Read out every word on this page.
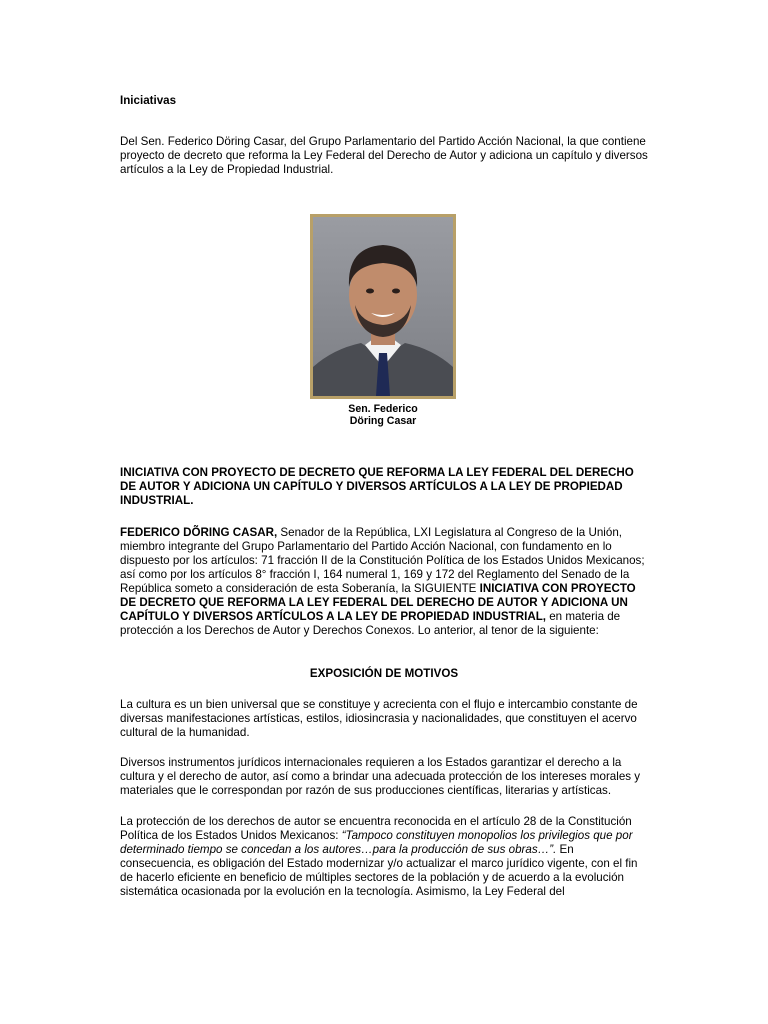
Iniciativas

Del Sen. Federico Döring Casar, del Grupo Parlamentario del Partido Acción Nacional, la que contiene proyecto de decreto que reforma la Ley Federal del Derecho de Autor y adiciona un capítulo y diversos artículos a la Ley de Propiedad Industrial.

Sen. Federico
Döring Casar

INICIATIVA CON PROYECTO DE DECRETO QUE REFORMA LA LEY FEDERAL DEL DERECHO DE AUTOR Y ADICIONA UN CAPÍTULO Y DIVERSOS ARTÍCULOS A LA LEY DE PROPIEDAD INDUSTRIAL.

FEDERICO DÕRING CASAR, Senador de la República, LXI Legislatura al Congreso de la Unión, miembro integrante del Grupo Parlamentario del Partido Acción Nacional, con fundamento en lo dispuesto por los artículos: 71 fracción II de la Constitución Política de los Estados Unidos Mexicanos; así como por los artículos 8° fracción I, 164 numeral 1, 169 y 172 del Reglamento del Senado de la República someto a consideración de esta Soberanía, la SIGUIENTE INICIATIVA CON PROYECTO DE DECRETO QUE REFORMA LA LEY FEDERAL DEL DERECHO DE AUTOR Y ADICIONA UN CAPÍTULO Y DIVERSOS ARTÍCULOS A LA LEY DE PROPIEDAD INDUSTRIAL, en materia de protección a los Derechos de Autor y Derechos Conexos. Lo anterior, al tenor de la siguiente:

EXPOSICIÓN DE MOTIVOS

La cultura es un bien universal que se constituye y acrecienta con el flujo e intercambio constante de diversas manifestaciones artísticas, estilos, idiosincrasia y nacionalidades, que constituyen el acervo cultural de la humanidad.

Diversos instrumentos jurídicos internacionales requieren a los Estados garantizar el derecho a la cultura y el derecho de autor, así como a brindar una adecuada protección de los intereses morales y materiales que le correspondan por razón de sus producciones científicas, literarias y artísticas.

La protección de los derechos de autor se encuentra reconocida en el artículo 28 de la Constitución Política de los Estados Unidos Mexicanos: “Tampoco constituyen monopolios los privilegios que por determinado tiempo se concedan a los autores…para la producción de sus obras…”. En consecuencia, es obligación del Estado modernizar y/o actualizar el marco jurídico vigente, con el fin de hacerlo eficiente en beneficio de múltiples sectores de la población y de acuerdo a la evolución sistemática ocasionada por la evolución en la tecnología. Asimismo, la Ley Federal del
